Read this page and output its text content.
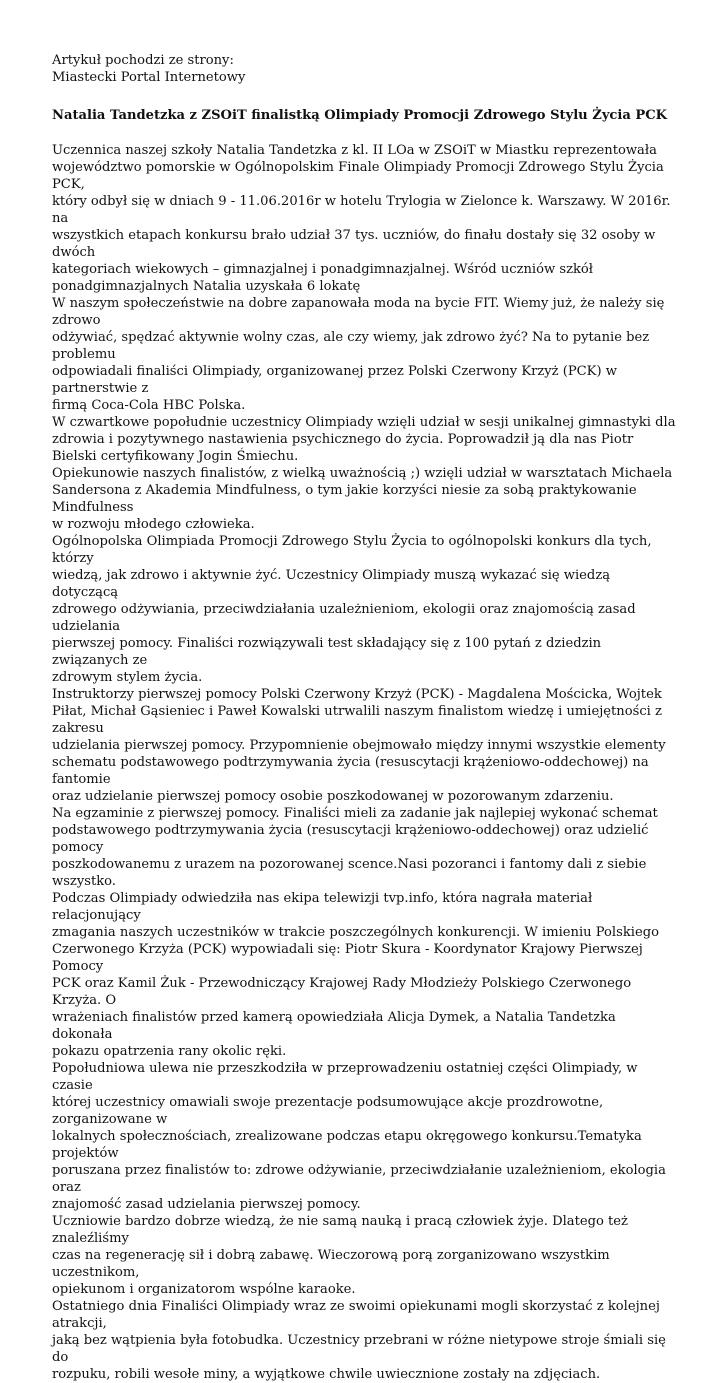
Artykuł pochodzi ze strony:

Miastecki Portal Internetowy

Natalia Tandetzka z ZSOiT finalistką Olimpiady Promocji Zdrowego Stylu Życia PCK

Uczennica naszej szkoły Natalia Tandetzka z kl. II LOa w ZSOiT w Miastku reprezentowała
województwo pomorskie w Ogólnopolskim Finale Olimpiady Promocji Zdrowego Stylu Życia PCK,
który odbył się w dniach 9 - 11.06.2016r w hotelu Trylogia w Zielonce k. Warszawy. W 2016r. na
wszystkich etapach konkursu brało udział 37 tys. uczniów, do finału dostały się 32 osoby w dwóch
kategoriach wiekowych – gimnazjalnej i ponadgimnazjalnej. Wśród uczniów szkół
ponadgimnazjalnych Natalia uzyskała 6 lokatę

W naszym społeczeństwie na dobre zapanowała moda na bycie FIT. Wiemy już, że należy się zdrowo
odżywiać, spędzać aktywnie wolny czas, ale czy wiemy, jak zdrowo żyć? Na to pytanie bez problemu
odpowiadali finaliści Olimpiady, organizowanej przez Polski Czerwony Krzyż (PCK) w partnerstwie z
firmą Coca-Cola HBC Polska.

W czwartkowe popołudnie uczestnicy Olimpiady wzięli udział w sesji unikalnej gimnastyki dla
zdrowia i pozytywnego nastawienia psychicznego do życia. Poprowadził ją dla nas Piotr
Bielski certyfikowany Jogin Śmiechu.

Opiekunowie naszych finalistów, z wielką uważnością ;) wzięli udział w warsztatach Michaela
Sandersona z Akademia Mindfulness, o tym jakie korzyści niesie za sobą praktykowanie Mindfulness
w rozwoju młodego człowieka.

Ogólnopolska Olimpiada Promocji Zdrowego Stylu Życia to ogólnopolski konkurs dla tych, którzy
wiedzą, jak zdrowo i aktywnie żyć. Uczestnicy Olimpiady muszą wykazać się wiedzą dotyczącą
zdrowego odżywiania, przeciwdziałania uzależnieniom, ekologii oraz znajomością zasad udzielania
pierwszej pomocy. Finaliści rozwiązywali test składający się z 100 pytań z dziedzin związanych ze
zdrowym stylem życia.

Instruktorzy pierwszej pomocy Polski Czerwony Krzyż (PCK) - Magdalena Mościcka, Wojtek
Piłat, Michał Gąsieniec i Paweł Kowalski utrwalili naszym finalistom wiedzę i umiejętności z zakresu
udzielania pierwszej pomocy. Przypomnienie obejmowało między innymi wszystkie elementy
schematu podstawowego podtrzymywania życia (resuscytacji krążeniowo-oddechowej) na fantomie
oraz udzielanie pierwszej pomocy osobie poszkodowanej w pozorowanym zdarzeniu.

Na egzaminie z pierwszej pomocy. Finaliści mieli za zadanie jak najlepiej wykonać schemat
podstawowego podtrzymywania życia (resuscytacji krążeniowo-oddechowej) oraz udzielić pomocy
poszkodowanemu z urazem na pozorowanej scence.Nasi pozoranci i fantomy dali z siebie wszystko.

Podczas Olimpiady odwiedziła nas ekipa telewizji tvp.info, która nagrała materiał relacjonujący
zmagania naszych uczestników w trakcie poszczególnych konkurencji. W imieniu Polskiego
Czerwonego Krzyża (PCK) wypowiadali się: Piotr Skura - Koordynator Krajowy Pierwszej Pomocy
PCK oraz Kamil Żuk - Przewodniczący Krajowej Rady Młodzieży Polskiego Czerwonego Krzyża. O
wrażeniach finalistów przed kamerą opowiedziała Alicja Dymek, a Natalia Tandetzka dokonała
pokazu opatrzenia rany okolic ręki.

Popołudniowa ulewa nie przeszkodziła w przeprowadzeniu ostatniej części Olimpiady, w czasie
której uczestnicy omawiali swoje prezentacje podsumowujące akcje prozdrowotne, zorganizowane w
lokalnych społecznościach, zrealizowane podczas etapu okręgowego konkursu.Tematyka projektów
poruszana przez finalistów to: zdrowe odżywianie, przeciwdziałanie uzależnieniom, ekologia oraz
znajomość zasad udzielania pierwszej pomocy.

Uczniowie bardzo dobrze wiedzą, że nie samą nauką i pracą człowiek żyje. Dlatego też znaleźliśmy
czas na regenerację sił i dobrą zabawę. Wieczorową porą zorganizowano wszystkim uczestnikom,
opiekunom i organizatorom wspólne karaoke.

Ostatniego dnia Finaliści Olimpiady wraz ze swoimi opiekunami mogli skorzystać z kolejnej atrakcji,
jaką bez wątpienia była fotobudka. Uczestnicy przebrani w różne nietypowe stroje śmiali się do
rozpuku, robili wesołe miny, a wyjątkowe chwile uwiecznione zostały na zdjęciach.
